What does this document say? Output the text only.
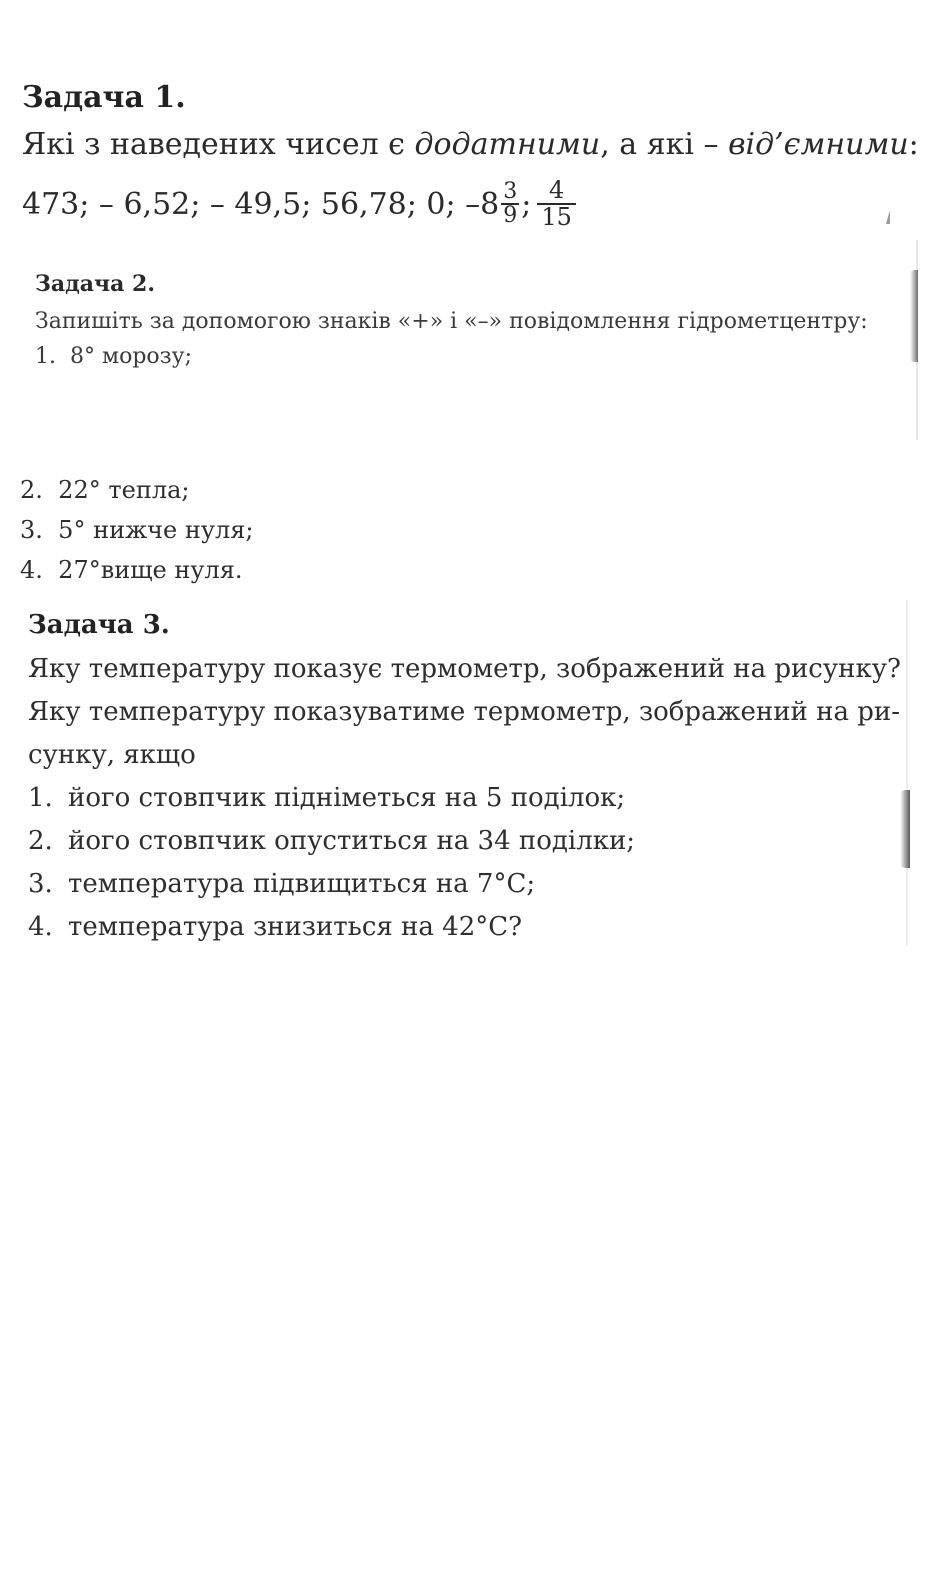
Задача 1.
Які з наведених чисел є додатними, а які – від’ємними:
473; – 6,52; – 49,5; 56,78; 0; $-8 \frac{3}{9}$ ; $\frac{4}{15}$
Задача 2.
Запишіть за допомогою знаків «+» і «–» повідомлення гідрометцентру:
1. 8° морозу;
2. 22° тепла;
3. 5° нижче нуля;
4. 27°вище нуля.
Задача 3.
Яку температуру показує термометр, зображений на рисунку?
Яку температуру показуватиме термометр, зображений на ри-
сунку, якщо
1. його стовпчик підніметься на 5 поділок;
2. його стовпчик опуститься на 34 поділки;
3. температура підвищиться на 7°С;
4. температура знизиться на 42°С?
